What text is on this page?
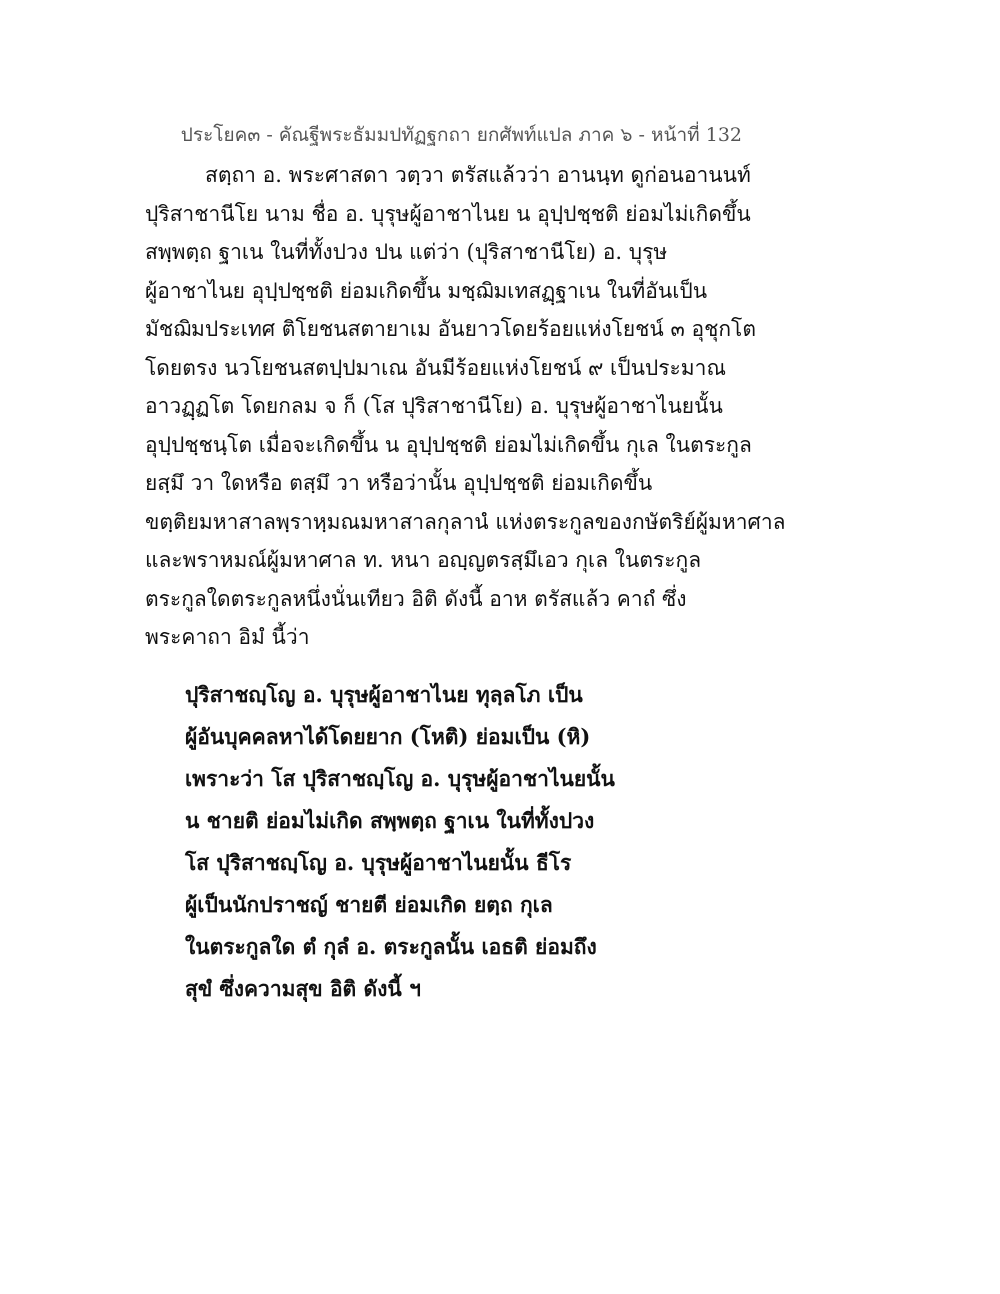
ประโยค๓ - คัณฐีพระธัมมปทัฏฐกถา ยกศัพท์แปล ภาค ๖ - หน้าที่ 132
สตฺถา อ. พระศาสดา วตฺวา ตรัสแล้วว่า อานนฺท ดูก่อนอานนท์
ปุริสาชานีโย นาม ชื่อ อ. บุรุษผู้อาชาไนย น อุปฺปชฺชติ ย่อมไม่เกิดขึ้น
สพฺพตฺถ ฐาเน ในที่ทั้งปวง ปน แต่ว่า (ปุริสาชานีโย) อ. บุรุษ
ผู้อาชาไนย อุปฺปชฺชติ ย่อมเกิดขึ้น มชฺฌิมเทสฏฺฐาเน ในที่อันเป็น
มัชฌิมประเทศ ติโยชนสตายาเม อันยาวโดยร้อยแห่งโยชน์ ๓ อุชุกโต
โดยตรง นวโยชนสตปฺปมาเณ อันมีร้อยแห่งโยชน์ ๙ เป็นประมาณ
อาวฏฺฏโต โดยกลม จ ก็ (โส ปุริสาชานีโย) อ. บุรุษผู้อาชาไนยนั้น
อุปฺปชฺชนฺโต เมื่อจะเกิดขึ้น น อุปฺปชฺชติ ย่อมไม่เกิดขึ้น กุเล ในตระกูล
ยสฺมึ วา ใดหรือ ตสฺมึ วา หรือว่านั้น อุปฺปชฺชติ ย่อมเกิดขึ้น
ขตฺติยมหาสาลพฺราหฺมณมหาสาลกุลานํ แห่งตระกูลของกษัตริย์ผู้มหาศาล
และพราหมณ์ผู้มหาศาล ท. หนา อญฺญตรสฺมึเอว กุเล ในตระกูล
ตระกูลใดตระกูลหนึ่งนั่นเทียว อิติ ดังนี้ อาห ตรัสแล้ว คาถํ ซึ่ง
พระคาถา อิมํ นี้ว่า
ปุริสาชญฺโญ อ. บุรุษผู้อาชาไนย ทุลฺลโภ เป็น
ผู้อันบุคคลหาได้โดยยาก (โหติ) ย่อมเป็น (หิ)
เพราะว่า โส ปุริสาชญฺโญ อ. บุรุษผู้อาชาไนยนั้น
น ชายติ ย่อมไม่เกิด สพฺพตฺถ ฐาเน ในที่ทั้งปวง
โส ปุริสาชญฺโญ อ. บุรุษผู้อาชาไนยนั้น ธีโร
ผู้เป็นนักปราชญ์ ชายตี ย่อมเกิด ยตฺถ กุเล
ในตระกูลใด ตํ กุลํ อ. ตระกูลนั้น เอธติ ย่อมถึง
สุขํ ซึ่งความสุข อิติ ดังนี้ ฯ
